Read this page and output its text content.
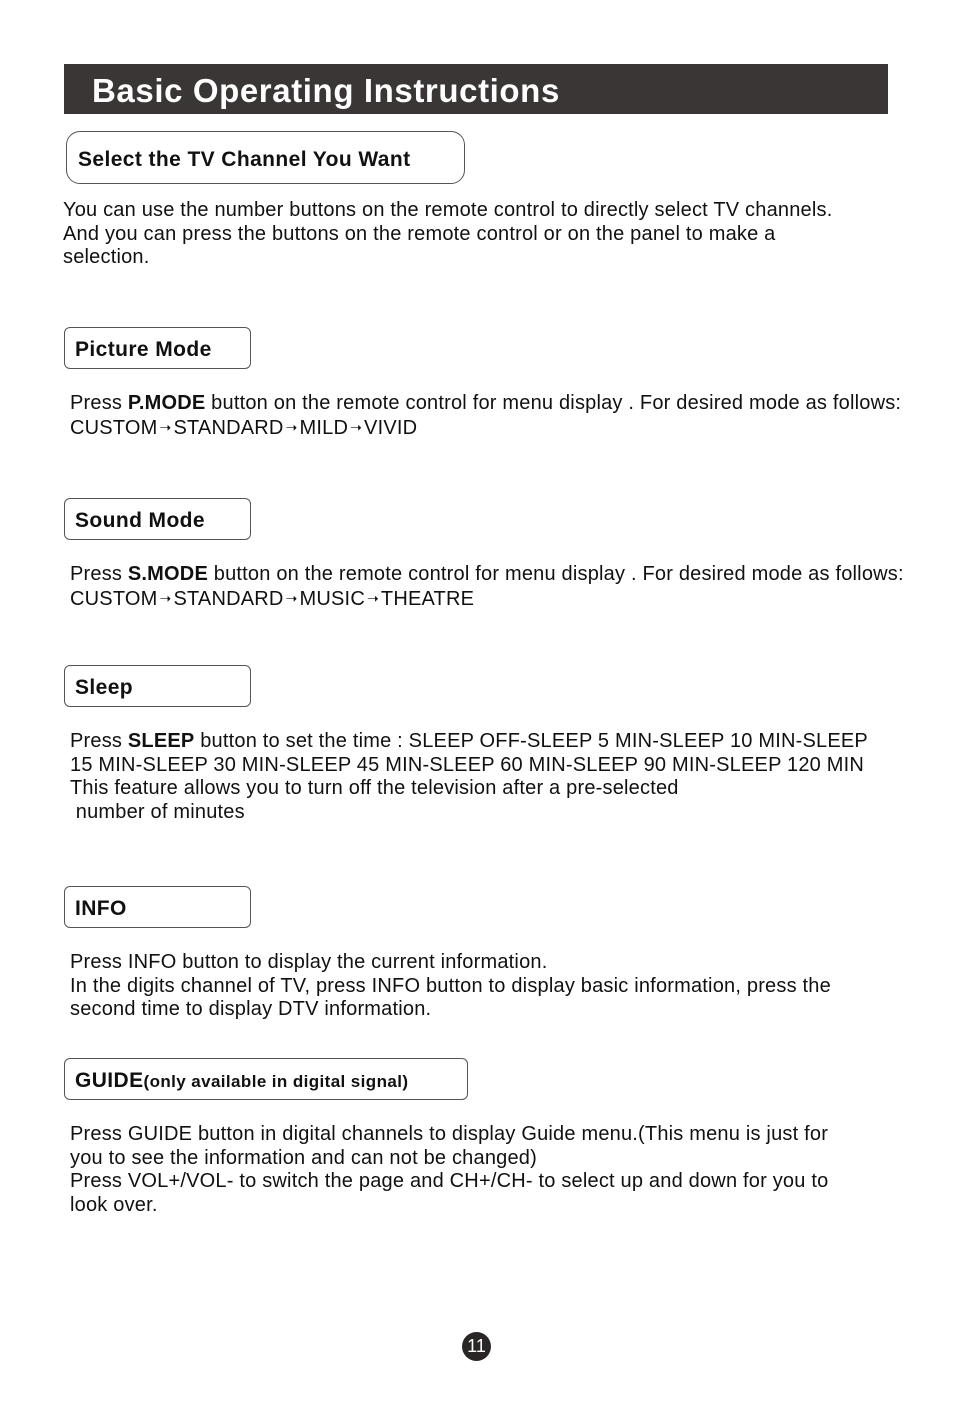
Basic Operating Instructions
Select the TV Channel You Want

You can use the number buttons on the remote control to directly select TV channels.

And you can press the buttons on the remote control or on the panel to make a selection.

Picture Mode

Press P.MODE button on the remote control for menu display . For desired mode as follows:

CUSTOM ➝ STANDARD ➝ MILD ➝ VIVID

Sound Mode

Press S.MODE button on the remote control for menu display . For desired mode as follows:

CUSTOM ➝ STANDARD ➝ MUSIC ➝ THEATRE

Sleep

Press SLEEP button to set the time : SLEEP OFF-SLEEP 5 MIN-SLEEP 10 MIN-SLEEP 15 MIN-SLEEP 30 MIN-SLEEP 45 MIN-SLEEP 60 MIN-SLEEP 90 MIN-SLEEP 120 MIN

This feature allows you to turn off the television after a pre-selected

number of minutes

INFO

Press INFO button to display the current information.

In the digits channel of TV, press INFO button to display basic information, press the second time to display DTV information.

GUIDE(only available in digital signal)

Press GUIDE button in digital channels to display Guide menu.(This menu is just for you to see the information and can not be changed)

Press VOL+/VOL- to switch the page and CH+/CH- to select up and down for you to look over.

11
